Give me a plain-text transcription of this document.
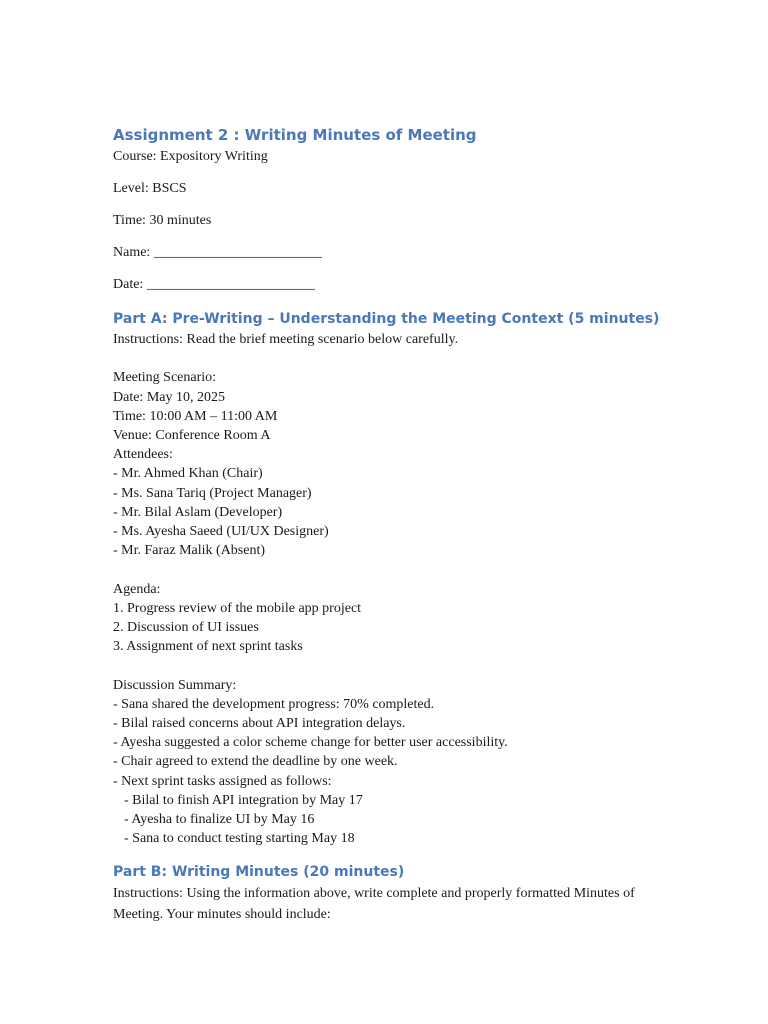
Assignment 2 : Writing Minutes of Meeting

Course: Expository Writing

Level: BSCS

Time: 30 minutes

Name: ________________________

Date: ________________________

Part A: Pre-Writing – Understanding the Meeting Context (5 minutes)

Instructions: Read the brief meeting scenario below carefully.

Meeting Scenario:

Date: May 10, 2025

Time: 10:00 AM – 11:00 AM

Venue: Conference Room A

Attendees:

- Mr. Ahmed Khan (Chair)

- Ms. Sana Tariq (Project Manager)

- Mr. Bilal Aslam (Developer)

- Ms. Ayesha Saeed (UI/UX Designer)

- Mr. Faraz Malik (Absent)

Agenda:

1. Progress review of the mobile app project

2. Discussion of UI issues

3. Assignment of next sprint tasks

Discussion Summary:

- Sana shared the development progress: 70% completed.

- Bilal raised concerns about API integration delays.

- Ayesha suggested a color scheme change for better user accessibility.

- Chair agreed to extend the deadline by one week.

- Next sprint tasks assigned as follows:

- Bilal to finish API integration by May 17

- Ayesha to finalize UI by May 16

- Sana to conduct testing starting May 18

Part B: Writing Minutes (20 minutes)

Instructions: Using the information above, write complete and properly formatted Minutes of Meeting. Your minutes should include:
